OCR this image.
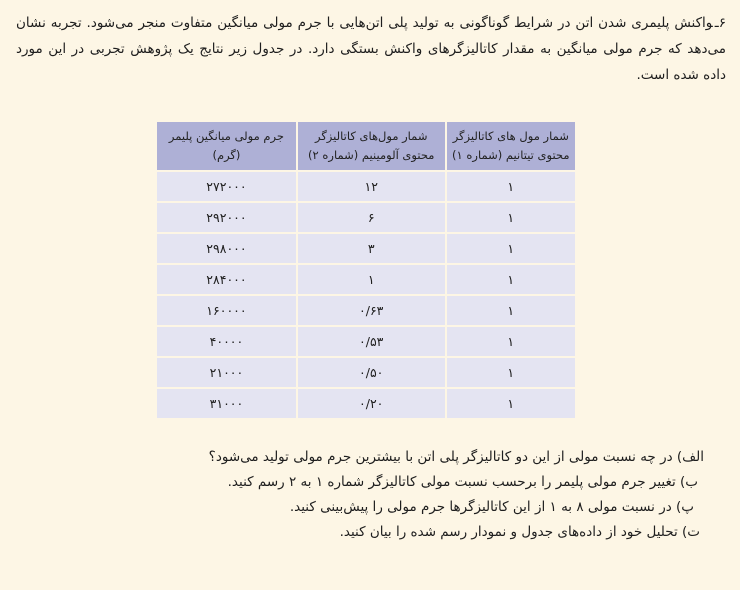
۶ـواکنش پلیمری شدن اتن در شرایط گوناگونی به تولید پلی اتن‌هایی با جرم مولی میانگین متفاوت منجر می‌شود. تجربه نشان می‌دهد که جرم مولی میانگین به مقدار کاتالیزگرهای واکنش بستگی دارد. در جدول زیر نتایج یک پژوهش تجربی در این مورد داده شده است.

شمار مول های کاتالیزگر محتوی تیتانیم (شماره ۱)	شمار مول‌های کاتالیزگر محتوی آلومینیم (شماره ۲)	جرم مولی میانگین پلیمر (گرم)
۱	۱۲	۲۷۲۰۰۰
۱	۶	۲۹۲۰۰۰
۱	۳	۲۹۸۰۰۰
۱	۱	۲۸۴۰۰۰
۱	۰/۶۳	۱۶۰۰۰۰
۱	۰/۵۳	۴۰۰۰۰
۱	۰/۵۰	۲۱۰۰۰
۱	۰/۲۰	۳۱۰۰۰

الف) در چه نسبت مولی از این دو کاتالیزگر پلی اتن با بیشترین جرم مولی تولید می‌شود؟

ب) تغییر جرم مولی پلیمر را برحسب نسبت مولی کاتالیزگر شماره ۱ به ۲ رسم کنید.

پ) در نسبت مولی ۸ به ۱ از این کاتالیزگرها جرم مولی را پیش‌بینی کنید.

ت) تحلیل خود از داده‌های جدول و نمودار رسم شده را بیان کنید.
